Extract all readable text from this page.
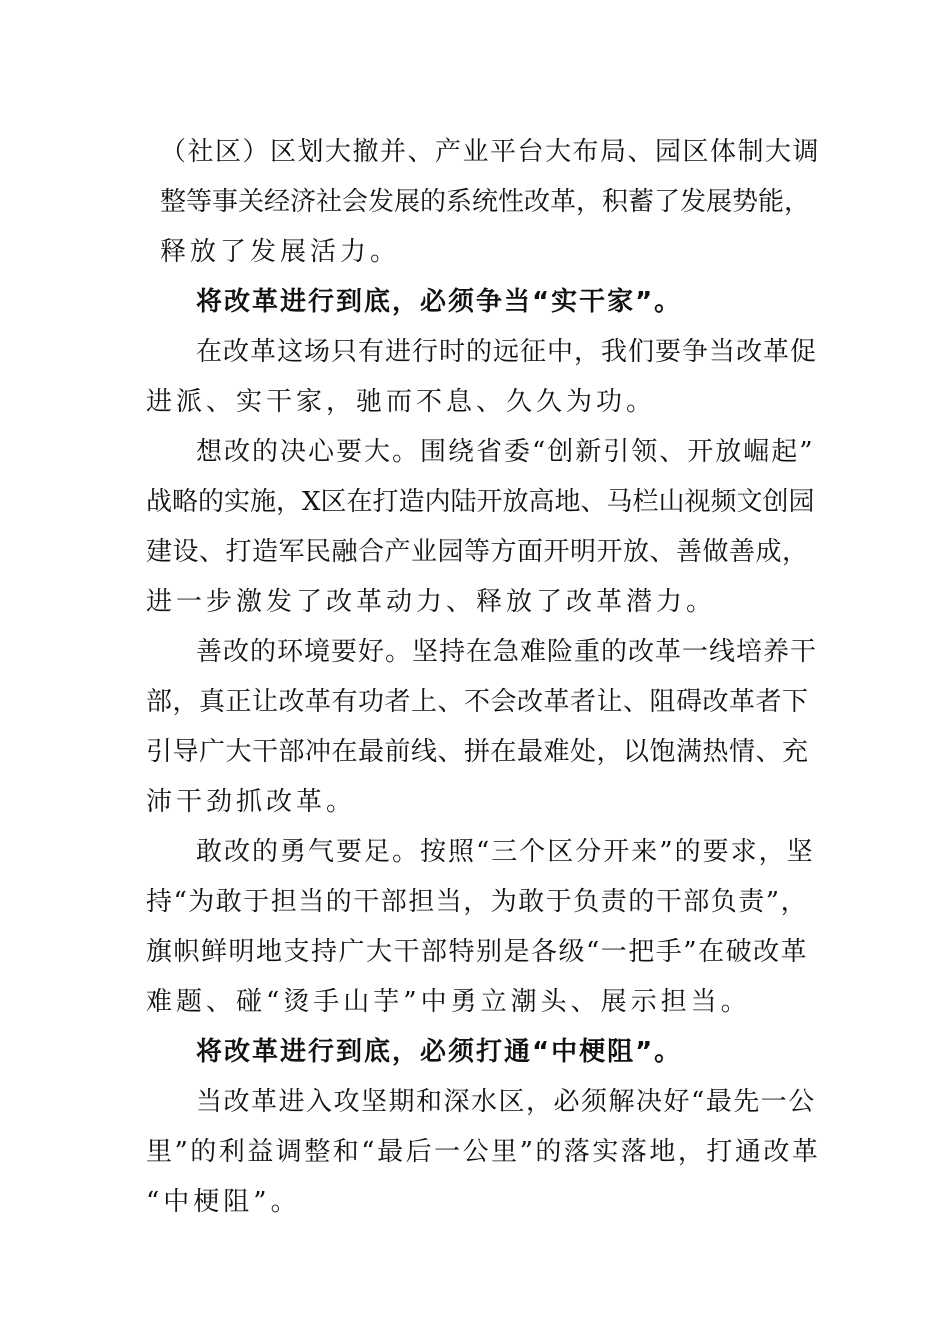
（社区）区划大撤并、产业平台大布局、园区体制大调
整等事关经济社会发展的系统性改革，积蓄了发展势能，
释放了发展活力。
将改革进行到底，必须争当“实干家”。
在改革这场只有进行时的远征中，我们要争当改革促
进派、实干家，驰而不息、久久为功。
想改的决心要大。围绕省委“创新引领、开放崛起”
战略的实施，X区在打造内陆开放高地、马栏山视频文创园
建设、打造军民融合产业园等方面开明开放、善做善成，
进一步激发了改革动力、释放了改革潜力。
善改的环境要好。坚持在急难险重的改革一线培养干
部，真正让改革有功者上、不会改革者让、阻碍改革者下
引导广大干部冲在最前线、拼在最难处，以饱满热情、充
沛干劲抓改革。
敢改的勇气要足。按照“三个区分开来”的要求，坚
持“为敢于担当的干部担当，为敢于负责的干部负责”，
旗帜鲜明地支持广大干部特别是各级“一把手”在破改革
难题、碰“烫手山芋”中勇立潮头、展示担当。
将改革进行到底，必须打通“中梗阻”。
当改革进入攻坚期和深水区，必须解决好“最先一公
里”的利益调整和“最后一公里”的落实落地，打通改革
“中梗阻”。
